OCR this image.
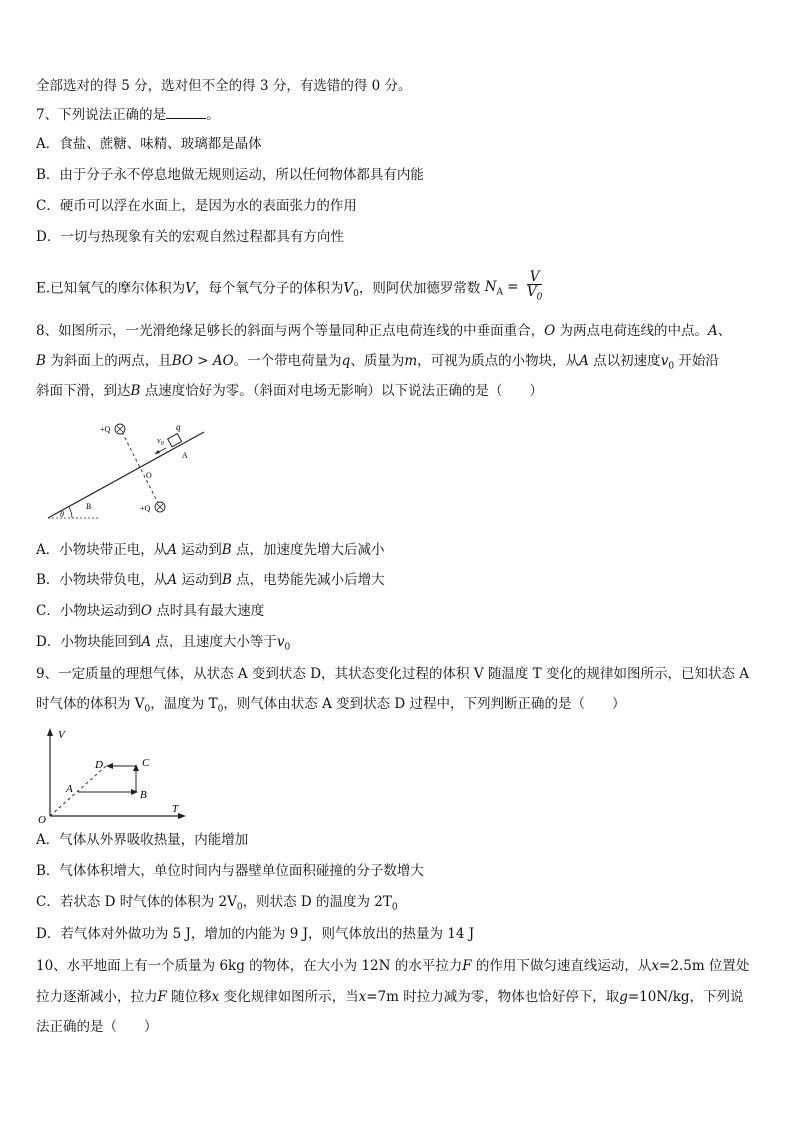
全部选对的得 5 分，选对但不全的得 3 分，有选错的得 0 分。
7、下列说法正确的是	。
A．食盐、蔗糖、味精、玻璃都是晶体
B．由于分子永不停息地做无规则运动，所以任何物体都具有内能
C．硬币可以浮在水面上，是因为水的表面张力的作用
D．一切与热现象有关的宏观自然过程都具有方向性
E.已知氧气的摩尔体积为V，每个氧气分子的体积为$V_0$，则阿伏加德罗常数 $N_A = \frac{V}{V_0}$
8、如图所示，一光滑绝缘足够长的斜面与两个等量同种正点电荷连线的中垂面重合，O 为两点电荷连线的中点。A、
B 为斜面上的两点，且BO > AO。一个带电荷量为q、质量为m，可视为质点的小物块，从A 点以初速度$v_0$ 开始沿
斜面下滑，到达B 点速度恰好为零。（斜面对电场无影响）以下说法正确的是（　　）
+Q
+Q
q
$v_0$
A
O
B
θ
A．小物块带正电，从A 运动到B 点，加速度先增大后减小
B．小物块带负电，从A 运动到B 点，电势能先减小后增大
C．小物块运动到O 点时具有最大速度
D．小物块能回到A 点，且速度大小等于$v_0$
9、一定质量的理想气体，从状态 A 变到状态 D，其状态变化过程的体积 V 随温度 T 变化的规律如图所示，已知状态 A
时气体的体积为 $V_0$，温度为 $T_0$，则气体由状态 A 变到状态 D 过程中，下列判断正确的是（　　）
V
T
O
A	B
C
D
A．气体从外界吸收热量，内能增加
B．气体体积增大，单位时间内与器壁单位面积碰撞的分子数增大
C．若状态 D 时气体的体积为 $2V_0$，则状态 D 的温度为 $2T_0$
D．若气体对外做功为 5 J，增加的内能为 9 J，则气体放出的热量为 14 J
10、水平地面上有一个质量为 6kg 的物体，在大小为 12N 的水平拉力F 的作用下做匀速直线运动，从x=2.5m 位置处
拉力逐渐减小，拉力F 随位移x 变化规律如图所示，当x=7m 时拉力减为零，物体也恰好停下，取g=10N/kg，下列说
法正确的是（　　）
